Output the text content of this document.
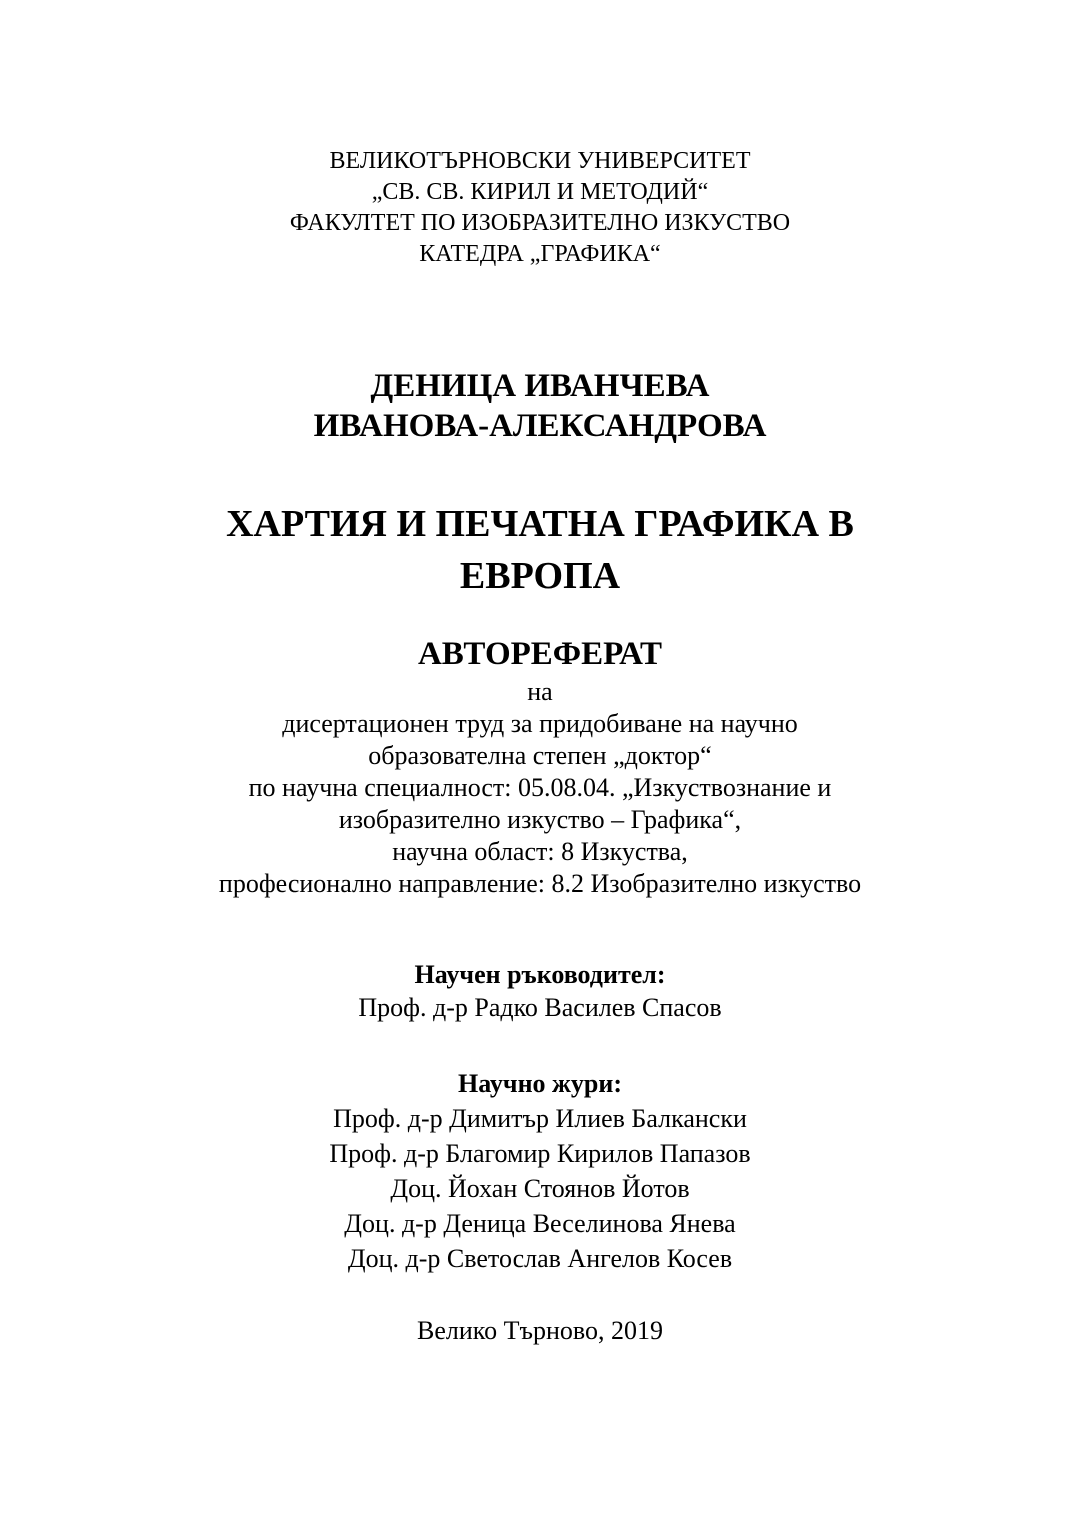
ВЕЛИКОТЪРНОВСКИ УНИВЕРСИТЕТ
„СВ. СВ. КИРИЛ И МЕТОДИЙ“
ФАКУЛТЕТ ПО ИЗОБРАЗИТЕЛНО ИЗКУСТВО
КАТЕДРА „ГРАФИКА“
ДЕНИЦА ИВАНЧЕВА
ИВАНОВА-АЛЕКСАНДРОВА
ХАРТИЯ И ПЕЧАТНА ГРАФИКА В
ЕВРОПА
АВТОРЕФЕРАТ
на
дисертационен труд за придобиване на научно
образователна степен „доктор“
по научна специалност: 05.08.04. „Изкуствознание и
изобразително изкуство – Графика“,
научна област: 8 Изкуства,
професионално направление: 8.2 Изобразително изкуство
Научен ръководител:
Проф. д-р Радко Василев Спасов
Научно жури:
Проф. д-р Димитър Илиев Балкански
Проф. д-р Благомир Кирилов Папазов
Доц. Йохан Стоянов Йотов
Доц. д-р Деница Веселинова Янева
Доц. д-р Светослав Ангелов Косев
Велико Търново, 2019
